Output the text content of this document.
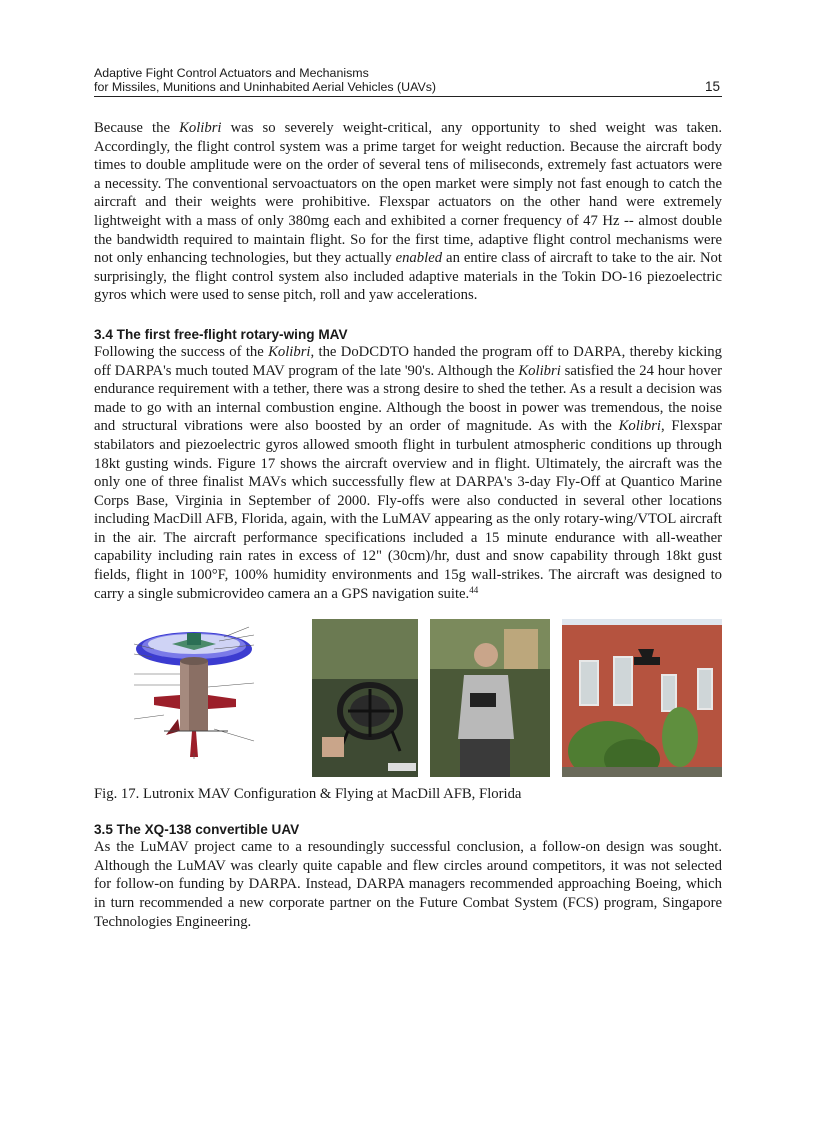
Adaptive Fight Control Actuators and Mechanisms
for Missiles, Munitions and Uninhabited Aerial Vehicles (UAVs)	15

Because the Kolibri was so severely weight-critical, any opportunity to shed weight was taken. Accordingly, the flight control system was a prime target for weight reduction. Because the aircraft body times to double amplitude were on the order of several tens of miliseconds, extremely fast actuators were a necessity. The conventional servoactuators on the open market were simply not fast enough to catch the aircraft and their weights were prohibitive. Flexspar actuators on the other hand were extremely lightweight with a mass of only 380mg each and exhibited a corner frequency of 47 Hz -- almost double the bandwidth required to maintain flight. So for the first time, adaptive flight control mechanisms were not only enhancing technologies, but they actually enabled an entire class of aircraft to take to the air. Not surprisingly, the flight control system also included adaptive materials in the Tokin DO-16 piezoelectric gyros which were used to sense pitch, roll and yaw accelerations.

3.4 The first free-flight rotary-wing MAV

Following the success of the Kolibri, the DoDCDTO handed the program off to DARPA, thereby kicking off DARPA's much touted MAV program of the late '90's. Although the Kolibri satisfied the 24 hour hover endurance requirement with a tether, there was a strong desire to shed the tether. As a result a decision was made to go with an internal combustion engine. Although the boost in power was tremendous, the noise and structural vibrations were also boosted by an order of magnitude. As with the Kolibri, Flexspar stabilators and piezoelectric gyros allowed smooth flight in turbulent atmospheric conditions up through 18kt gusting winds. Figure 17 shows the aircraft overview and in flight. Ultimately, the aircraft was the only one of three finalist MAVs which successfully flew at DARPA's 3-day Fly-Off at Quantico Marine Corps Base, Virginia in September of 2000. Fly-offs were also conducted in several other locations including MacDill AFB, Florida, again, with the LuMAV appearing as the only rotary-wing/VTOL aircraft in the air. The aircraft performance specifications included a 15 minute endurance with all-weather capability including rain rates in excess of 12" (30cm)/hr, dust and snow capability through 18kt gust fields, flight in 100°F, 100% humidity environments and 15g wall-strikes. The aircraft was designed to carry a single submicrovideo camera an a GPS navigation suite.$^{44}$

Fig. 17. Lutronix MAV Configuration & Flying at MacDill AFB, Florida
3.5 The XQ-138 convertible UAV

As the LuMAV project came to a resoundingly successful conclusion, a follow-on design was sought. Although the LuMAV was clearly quite capable and flew circles around competitors, it was not selected for follow-on funding by DARPA. Instead, DARPA managers recommended approaching Boeing, which in turn recommended a new corporate partner on the Future Combat System (FCS) program, Singapore Technologies Engineering.
